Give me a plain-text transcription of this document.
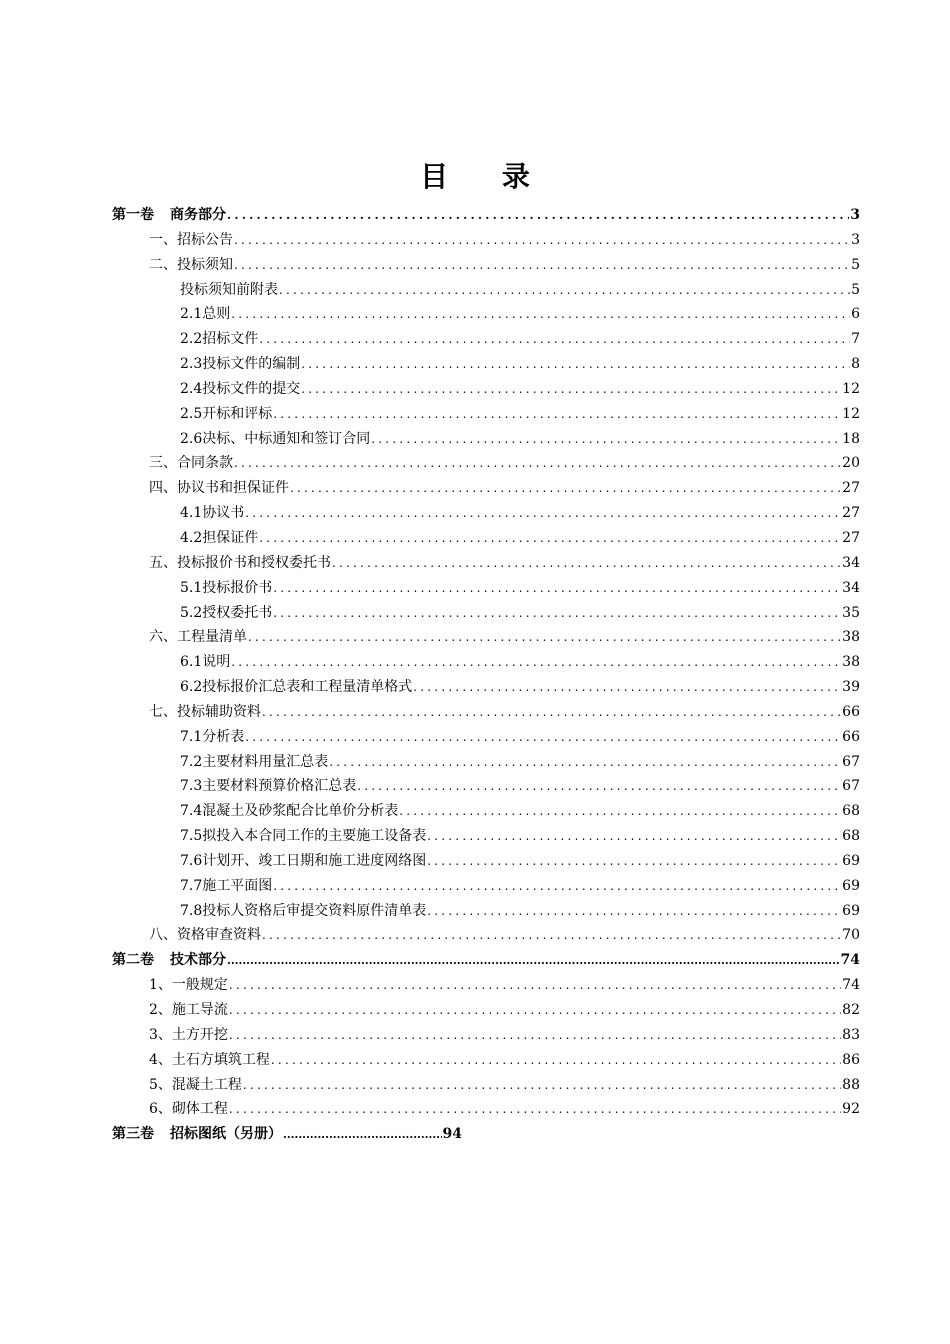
目 录
第一卷 商务部分 .....	3
一、招标公告 .....	3
二、投标须知 .....	5
投标须知前附表 .....	5
2.1总则 .....	6
2.2招标文件 .....	7
2.3投标文件的编制 .....	8
2.4投标文件的提交 .....	12
2.5开标和评标 .....	12
2.6决标、中标通知和签订合同 .....	18
三、合同条款 .....	20
四、协议书和担保证件 .....	27
4.1协议书 .....	27
4.2担保证件 .....	27
五、投标报价书和授权委托书 .....	34
5.1投标报价书 .....	34
5.2授权委托书 .....	35
六、工程量清单 .....	38
6.1说明 .....	38
6.2投标报价汇总表和工程量清单格式 .....	39
七、投标辅助资料 .....	66
7.1分析表 .....	66
7.2主要材料用量汇总表 .....	67
7.3主要材料预算价格汇总表 .....	67
7.4混凝土及砂浆配合比单价分析表 .....	68
7.5拟投入本合同工作的主要施工设备表 .....	68
7.6计划开、竣工日期和施工进度网络图 .....	69
7.7施工平面图 .....	69
7.8投标人资格后审提交资料原件清单表 .....	69
八、资格审查资料 .....	70
第二卷 技术部分 .....	74
1、一般规定 .....	74
2、施工导流 .....	82
3、土方开挖 .....	83
4、土石方填筑工程 .....	86
5、混凝土工程 .....	88
6、砌体工程 .....	92
第三卷 招标图纸（另册） .....	94
